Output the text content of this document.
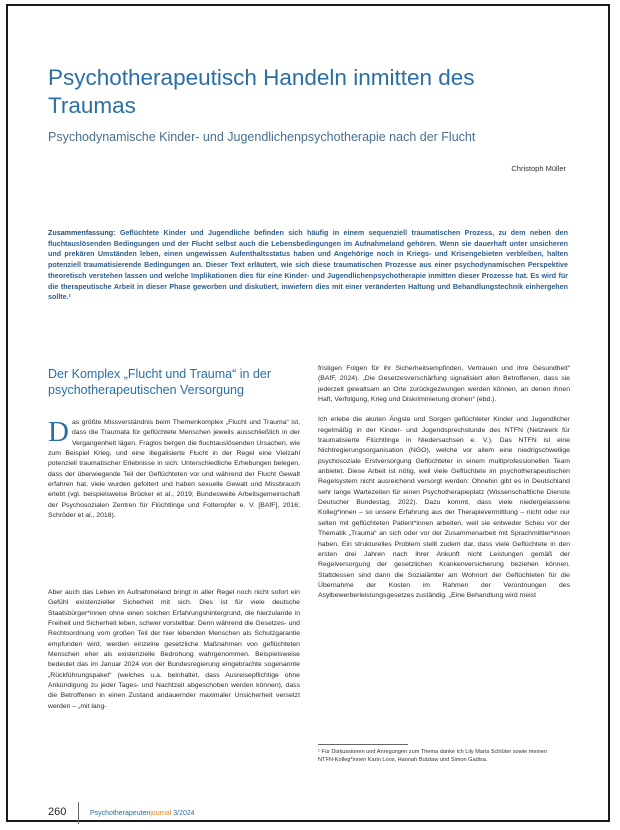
Psychotherapeutisch Handeln inmitten des Traumas

Psychodynamische Kinder- und Jugendlichenpsychotherapie nach der Flucht

Christoph Müller

Zusammenfassung: Geflüchtete Kinder und Jugendliche befinden sich häufig in einem sequenziell traumatischen Prozess, zu dem neben den fluchtauslösenden Bedingungen und der Flucht selbst auch die Lebensbedingungen im Aufnahmeland gehören. Wenn sie dauerhaft unter unsicheren und prekären Umständen leben, einen ungewissen Aufenthaltsstatus haben und Angehörige noch in Kriegs- und Krisengebieten verbleiben, halten potenziell traumatisierende Bedingungen an. Dieser Text erläutert, wie sich diese traumatischen Prozesse aus einer psychodynamischen Perspektive theoretisch verstehen lassen und welche Implikationen dies für eine Kinder- und Jugendlichenpsychotherapie inmitten dieser Prozesse hat. Es wird für die therapeutische Arbeit in dieser Phase geworben und diskutiert, inwiefern dies mit einer veränderten Haltung und Behandlungstechnik einhergehen sollte.¹

Der Komplex „Flucht und Trauma“ in der psychotherapeutischen Versorgung

Das größte Missverständnis beim Themenkomplex „Flucht und Trauma“ ist, dass die Traumata für geflüchtete Menschen jeweils ausschließlich in der Vergangenheit lägen. Fraglos bergen die fluchtauslösenden Ursachen, wie zum Beispiel Krieg, und eine illegalisierte Flucht in der Regel eine Vielzahl potenziell traumatischer Erlebnisse in sich: Unterschiedliche Erhebungen belegen, dass der überwiegende Teil der Geflüchteten vor und während der Flucht Gewalt erfahren hat, viele wurden gefoltert und haben sexuelle Gewalt und Missbrauch erlebt (vgl. beispielsweise Brücker et al., 2019; Bundesweite Arbeitsgemeinschaft der Psychosozialen Zentren für Flüchtlinge und Folteropfer e. V. [BAfF], 2016; Schröder et al., 2018).

Aber auch das Leben im Aufnahmeland bringt in aller Regel noch nicht sofort ein Gefühl existenzieller Sicherheit mit sich. Dies ist für viele deutsche Staatsbürger*innen ohne einen solchen Erfahrungshintergrund, die hierzulande in Freiheit und Sicherheit leben, schwer vorstellbar. Denn während die Gesetzes- und Rechtsordnung vom großen Teil der hier lebenden Menschen als Schutzgarantie empfunden wird, werden einzelne gesetzliche Maßnahmen von geflüchteten Menschen eher als existenzielle Bedrohung wahrgenommen. Beispielsweise bedeutet das im Januar 2024 von der Bundesregierung eingebrachte sogenannte „Rückführungspaket“ (welches u.a. beinhaltet, dass Ausreisepflichtige ohne Ankündigung zu jeder Tages- und Nachtzeit abgeschoben werden können), dass die Betroffenen in einen Zustand andauernder maximaler Unsicherheit versetzt werden – „mit lang-

fristigen Folgen für ihr Sicherheitsempfinden, Vertrauen und ihre Gesundheit“ (BAfF, 2024). „Die Gesetzesverschärfung signalisiert allen Betroffenen, dass sie jederzeit gewaltsam an Orte zurückgezwungen werden können, an denen ihnen Haft, Verfolgung, Krieg und Diskriminierung drohen“ (ebd.).

Ich erlebe die akuten Ängste und Sorgen geflüchteter Kinder und Jugendlicher regelmäßig in der Kinder- und Jugendsprechstunde des NTFN (Netzwerk für traumatisierte Flüchtlinge in Niedersachsen e. V.). Das NTFN ist eine Nichtregierungsorganisation (NGO), welche vor allem eine niedrigschwellige psychosoziale Erstversorgung Geflüchteter in einem multiprofessionellen Team anbietet. Diese Arbeit ist nötig, weil viele Geflüchtete im psychotherapeutischen Regelsystem nicht ausreichend versorgt werden: Ohnehin gibt es in Deutschland sehr lange Wartezeiten für einen Psychotherapieplatz (Wissenschaftliche Dienste Deutscher Bundestag, 2022). Dazu kommt, dass viele niedergelassene Kolleg*innen – so unsere Erfahrung aus der Therapievermittlung – nicht oder nur selten mit geflüchteten Patient*innen arbeiten, weil sie entweder Scheu vor der Thematik „Trauma“ an sich oder vor der Zusammenarbeit mit Sprachmittler*innen haben. Ein strukturelles Problem stellt zudem dar, dass viele Geflüchtete in den ersten drei Jahren nach ihrer Ankunft nicht Leistungen gemäß der Regelversorgung der gesetzlichen Krankenversicherung beziehen können. Stattdessen sind dann die Sozialämter am Wohnort der Geflüchteten für die Übernahme der Kosten im Rahmen der Verordnungen des Asylbewerberleistungsgesetzes zuständig. „Eine Behandlung wird meist

¹ Für Diskussionen und Anregungen zum Thema danke ich Lily Maria Schlüter sowie meinen NTFN-Kolleg*innen Karin Loos, Hannah Butzlaw und Simon Gadisa.

260	Psychotherapeutenjournal 3/2024
